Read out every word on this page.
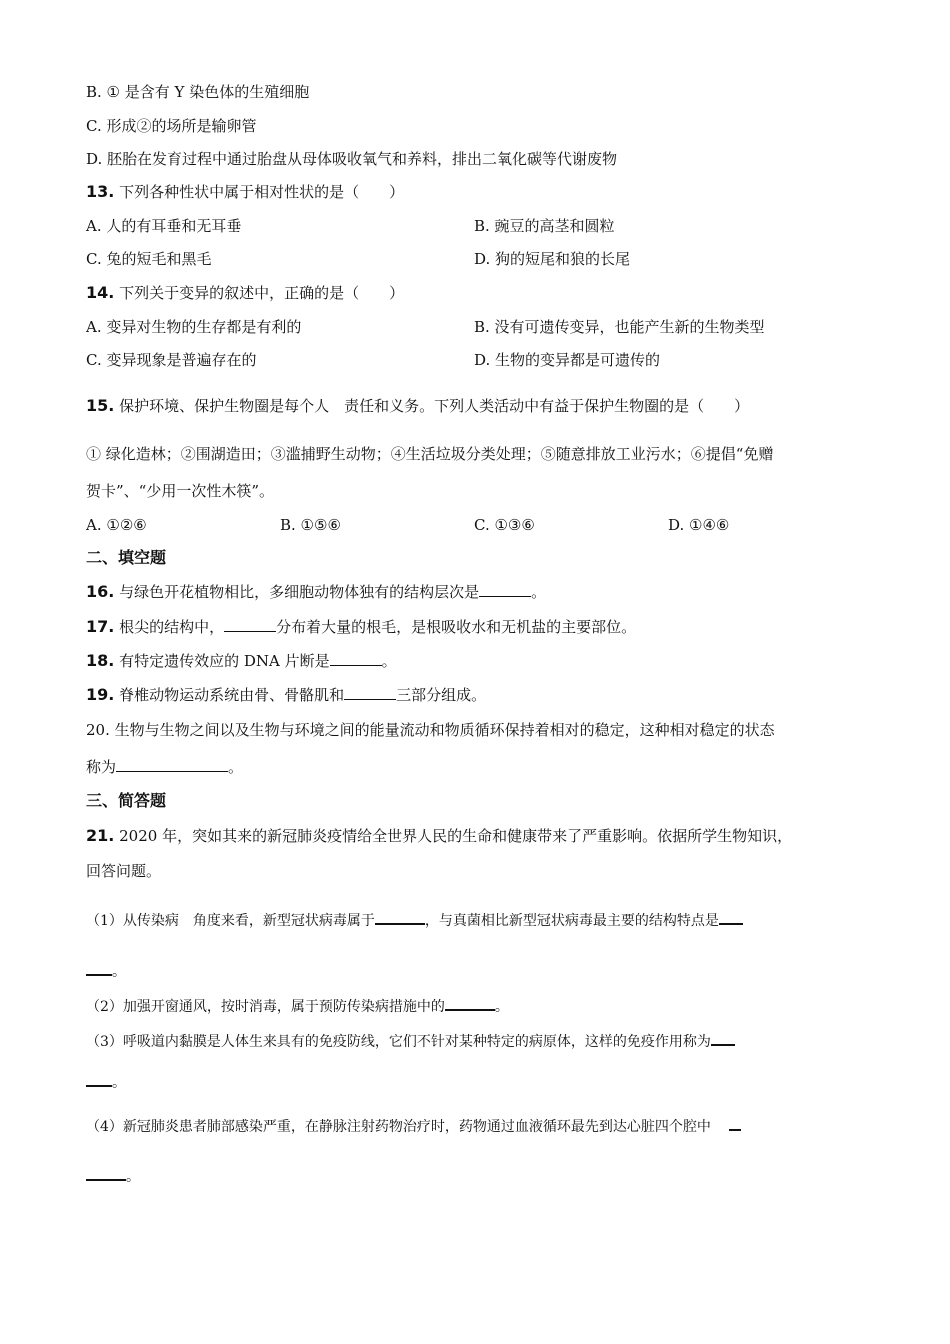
B. ① 是含有 Y 染色体的生殖细胞
C. 形成②的场所是输卵管
D. 胚胎在发育过程中通过胎盘从母体吸收氧气和养料，排出二氧化碳等代谢废物
13. 下列各种性状中属于相对性状的是（　　）
A. 人的有耳垂和无耳垂	B. 豌豆的高茎和圆粒
C. 兔的短毛和黑毛	D. 狗的短尾和狼的长尾
14. 下列关于变异的叙述中，正确的是（　　）
A. 变异对生物的生存都是有利的	B. 没有可遗传变异，也能产生新的生物类型
C. 变异现象是普遍存在的	D. 生物的变异都是可遗传的
15. 保护环境、保护生物圈是每个人　责任和义务。下列人类活动中有益于保护生物圈的是（　　）
① 绿化造林；②围湖造田；③滥捕野生动物；④生活垃圾分类处理；⑤随意排放工业污水；⑥提倡“免赠
贺卡”、“少用一次性木筷”。
A. ①②⑥	B. ①⑤⑥	C. ①③⑥	D. ①④⑥
二、填空题
16. 与绿色开花植物相比，多细胞动物体独有的结构层次是	。
17. 根尖的结构中，	分布着大量的根毛，是根吸收水和无机盐的主要部位。
18. 有特定遗传效应的 DNA 片断是	。
19. 脊椎动物运动系统由骨、骨骼肌和	三部分组成。
20. 生物与生物之间以及生物与环境之间的能量流动和物质循环保持着相对的稳定，这种相对稳定的状态
称为	。
三、简答题
21. 2020 年，突如其来的新冠肺炎疫情给全世界人民的生命和健康带来了严重影响。依据所学生物知识，
回答问题。
（1）从传染病　角度来看，新型冠状病毒属于	，与真菌相比新型冠状病毒最主要的结构特点是
。
（2）加强开窗通风，按时消毒，属于预防传染病措施中的	。
（3）呼吸道内黏膜是人体生来具有的免疫防线，它们不针对某种特定的病原体，这样的免疫作用称为
。
（4）新冠肺炎患者肺部感染严重，在静脉注射药物治疗时，药物通过血液循环最先到达心脏四个腔中
。
